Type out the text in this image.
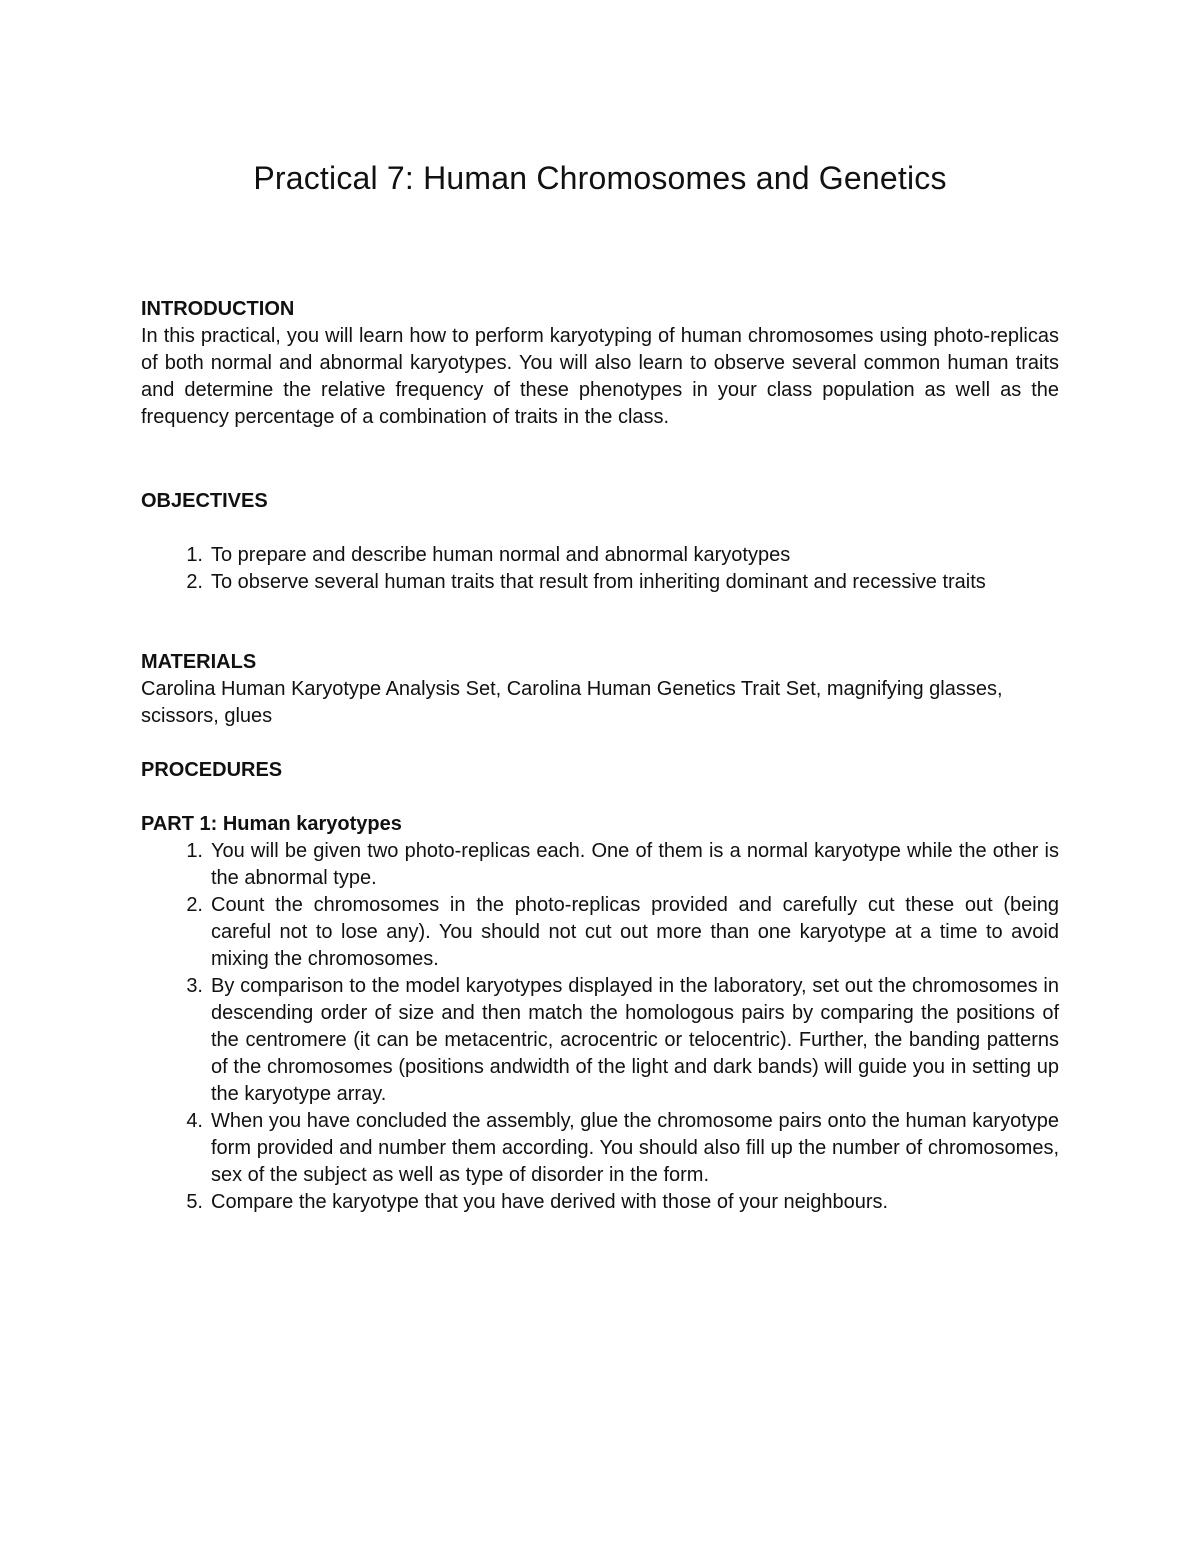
Practical 7: Human Chromosomes and Genetics

INTRODUCTION

In this practical, you will learn how to perform karyotyping of human chromosomes using photo-replicas of both normal and abnormal karyotypes. You will also learn to observe several common human traits and determine the relative frequency of these phenotypes in your class population as well as the frequency percentage of a combination of traits in the class.

OBJECTIVES

1. To prepare and describe human normal and abnormal karyotypes
2. To observe several human traits that result from inheriting dominant and recessive traits

MATERIALS

Carolina Human Karyotype Analysis Set, Carolina Human Genetics Trait Set, magnifying glasses, scissors, glues

PROCEDURES

PART 1: Human karyotypes

1. You will be given two photo-replicas each. One of them is a normal karyotype while the other is the abnormal type.
2. Count the chromosomes in the photo-replicas provided and carefully cut these out (being careful not to lose any). You should not cut out more than one karyotype at a time to avoid mixing the chromosomes.
3. By comparison to the model karyotypes displayed in the laboratory, set out the chromosomes in descending order of size and then match the homologous pairs by comparing the positions of the centromere (it can be metacentric, acrocentric or telocentric). Further, the banding patterns of the chromosomes (positions andwidth of the light and dark bands) will guide you in setting up the karyotype array.
4. When you have concluded the assembly, glue the chromosome pairs onto the human karyotype form provided and number them according. You should also fill up the number of chromosomes, sex of the subject as well as type of disorder in the form.
5. Compare the karyotype that you have derived with those of your neighbours.
